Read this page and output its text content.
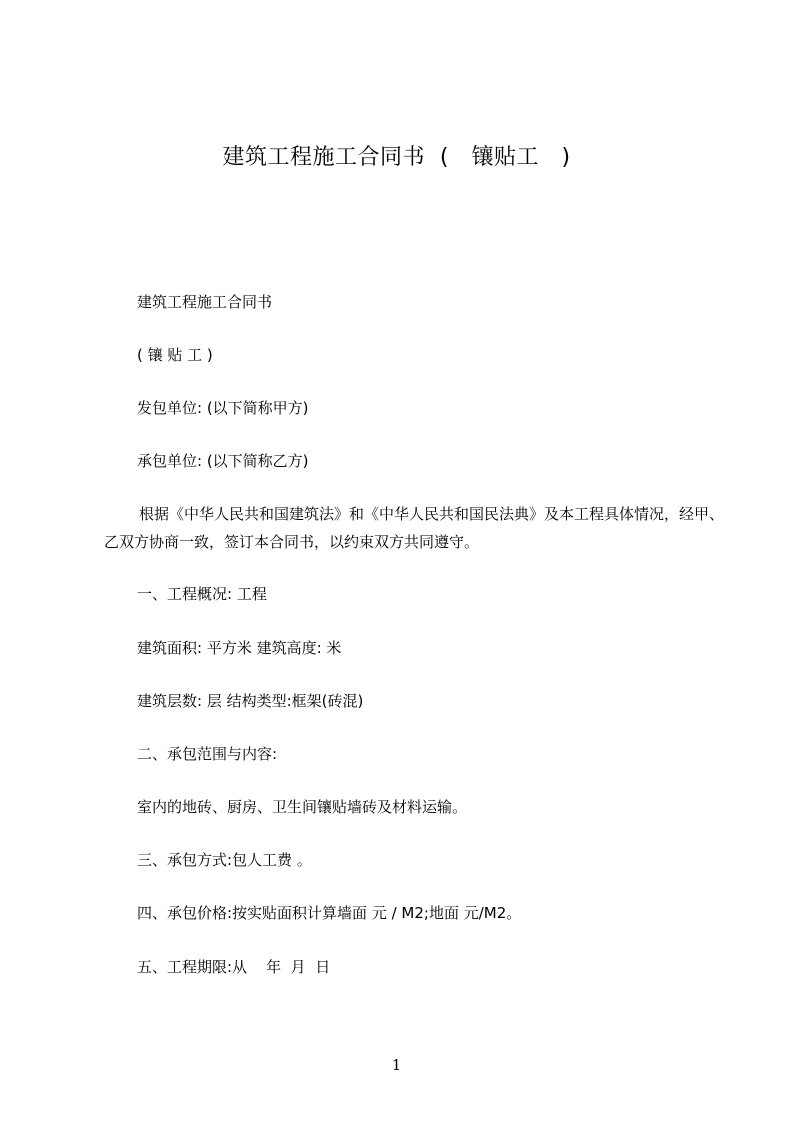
建筑工程施工合同书  (   镶贴工   )
建筑工程施工合同书
( 镶 贴 工 )
发包单位: (以下简称甲方)
承包单位: (以下简称乙方)
根据《中华人民共和国建筑法》和《中华人民共和国民法典》及本工程具体情况，经甲、乙双方协商一致，签订本合同书，以约束双方共同遵守。
一、工程概况: 工程
建筑面积: 平方米 建筑高度: 米
建筑层数: 层 结构类型:框架(砖混)
二、承包范围与内容:
室内的地砖、厨房、卫生间镶贴墙砖及材料运输。
三、承包方式:包人工费 。
四、承包价格:按实贴面积计算墙面 元 / M2;地面 元/M2。
五、工程期限:从    年  月  日
1
